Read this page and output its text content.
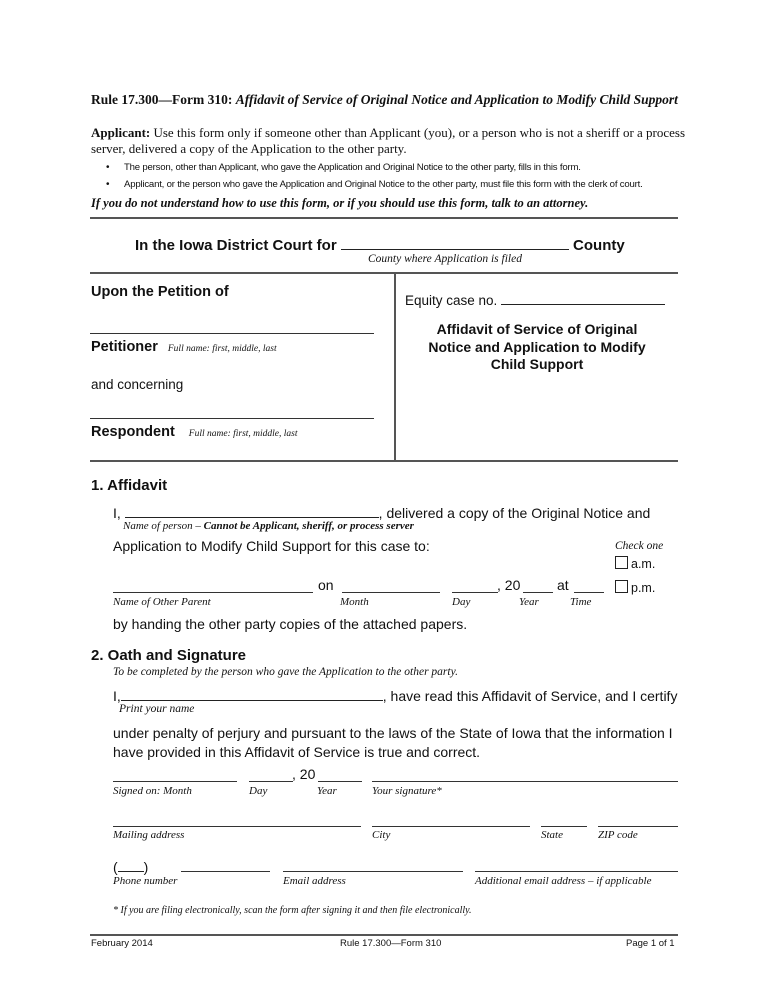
Rule 17.300—Form 310: Affidavit of Service of Original Notice and Application to Modify Child Support
Applicant: Use this form only if someone other than Applicant (you), or a person who is not a sheriff or a process
server, delivered a copy of the Application to the other party.
• The person, other than Applicant, who gave the Application and Original Notice to the other party, fills in this form.
• Applicant, or the person who gave the Application and Original Notice to the other party, must file this form with the clerk of court.
If you do not understand how to use this form, or if you should use this form, talk to an attorney.
In the Iowa District Court for	County
County where Application is filed
Upon the Petition of
Petitioner Full name: first, middle, last
and concerning
Respondent Full name: first, middle, last
Equity case no.
Affidavit of Service of Original
Notice and Application to Modify
Child Support
1. Affidavit
I,	, delivered a copy of the Original Notice and
Name of person – Cannot be Applicant, sheriff, or process server
Application to Modify Child Support for this case to:	Check one
a.m.
p.m.
on	, 20	at
Name of Other Parent	Month	Day	Year	Time
by handing the other party copies of the attached papers.
2. Oath and Signature
To be completed by the person who gave the Application to the other party.
I,	, have read this Affidavit of Service, and I certify
Print your name
under penalty of perjury and pursuant to the laws of the State of Iowa that the information I
have provided in this Affidavit of Service is true and correct.
, 20
Signed on: Month	Day	Year	Your signature*
Mailing address	City	State	ZIP code
( )
Phone number	Email address	Additional email address – if applicable
* If you are filing electronically, scan the form after signing it and then file electronically.
February 2014	Rule 17.300—Form 310	Page 1 of 1
